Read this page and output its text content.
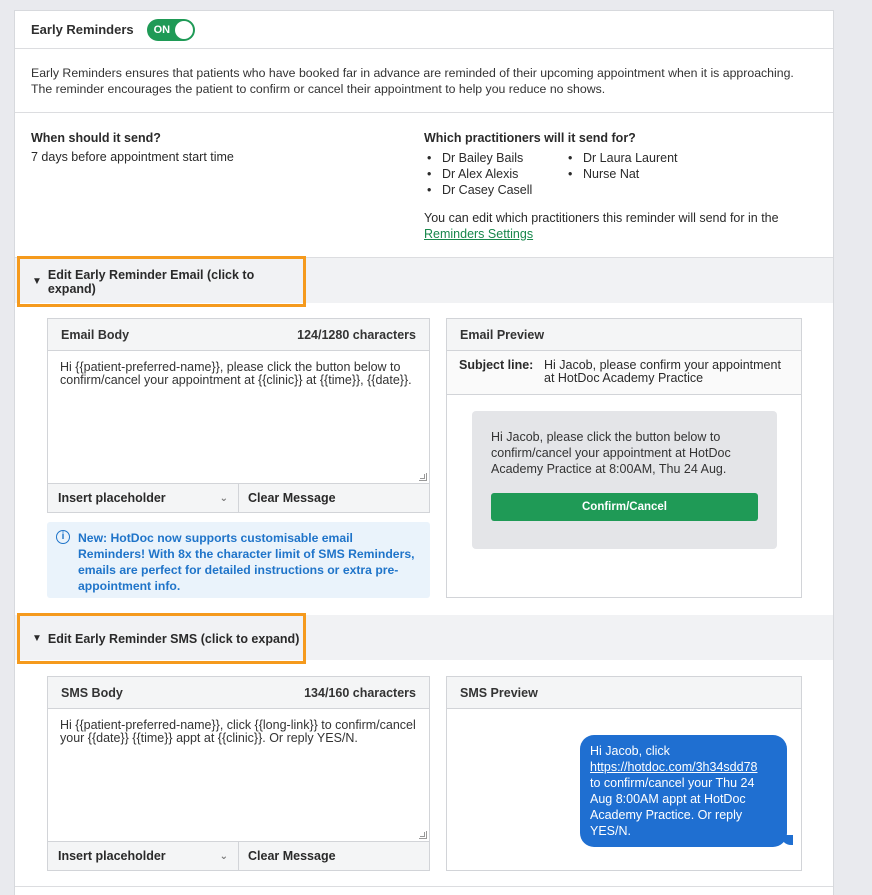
Early Reminders ON
Early Reminders ensures that patients who have booked far in advance are reminded of their upcoming appointment when it is approaching. The reminder encourages the patient to confirm or cancel their appointment to help you reduce no shows.
When should it send?
7 days before appointment start time
Which practitioners will it send for?
• Dr Bailey Bails	• Dr Laura Laurent
• Dr Alex Alexis	• Nurse Nat
• Dr Casey Casell
You can edit which practitioners this reminder will send for in the
Reminders Settings
▼ Edit Early Reminder Email (click to expand)
Email Body	124/1280 characters
Hi {{patient-preferred-name}}, please click the button below to confirm/cancel your appointment at {{clinic}} at {{time}}, {{date}}.
Insert placeholder	⌄	Clear Message
i	New: HotDoc now supports customisable email Reminders! With 8x the character limit of SMS Reminders, emails are perfect for detailed instructions or extra pre-appointment info.
Email Preview
Subject line: Hi Jacob, please confirm your appointment at HotDoc Academy Practice
Hi Jacob, please click the button below to confirm/cancel your appointment at HotDoc Academy Practice at 8:00AM, Thu 24 Aug.
Confirm/Cancel
▼ Edit Early Reminder SMS (click to expand)
SMS Body	134/160 characters
Hi {{patient-preferred-name}}, click {{long-link}} to confirm/cancel your {{date}} {{time}} appt at {{clinic}}. Or reply YES/N.
Insert placeholder	⌄	Clear Message
SMS Preview
Hi Jacob, click
https://hotdoc.com/3h34sdd78
to confirm/cancel your Thu 24 Aug 8:00AM appt at HotDoc Academy Practice. Or reply YES/N.
